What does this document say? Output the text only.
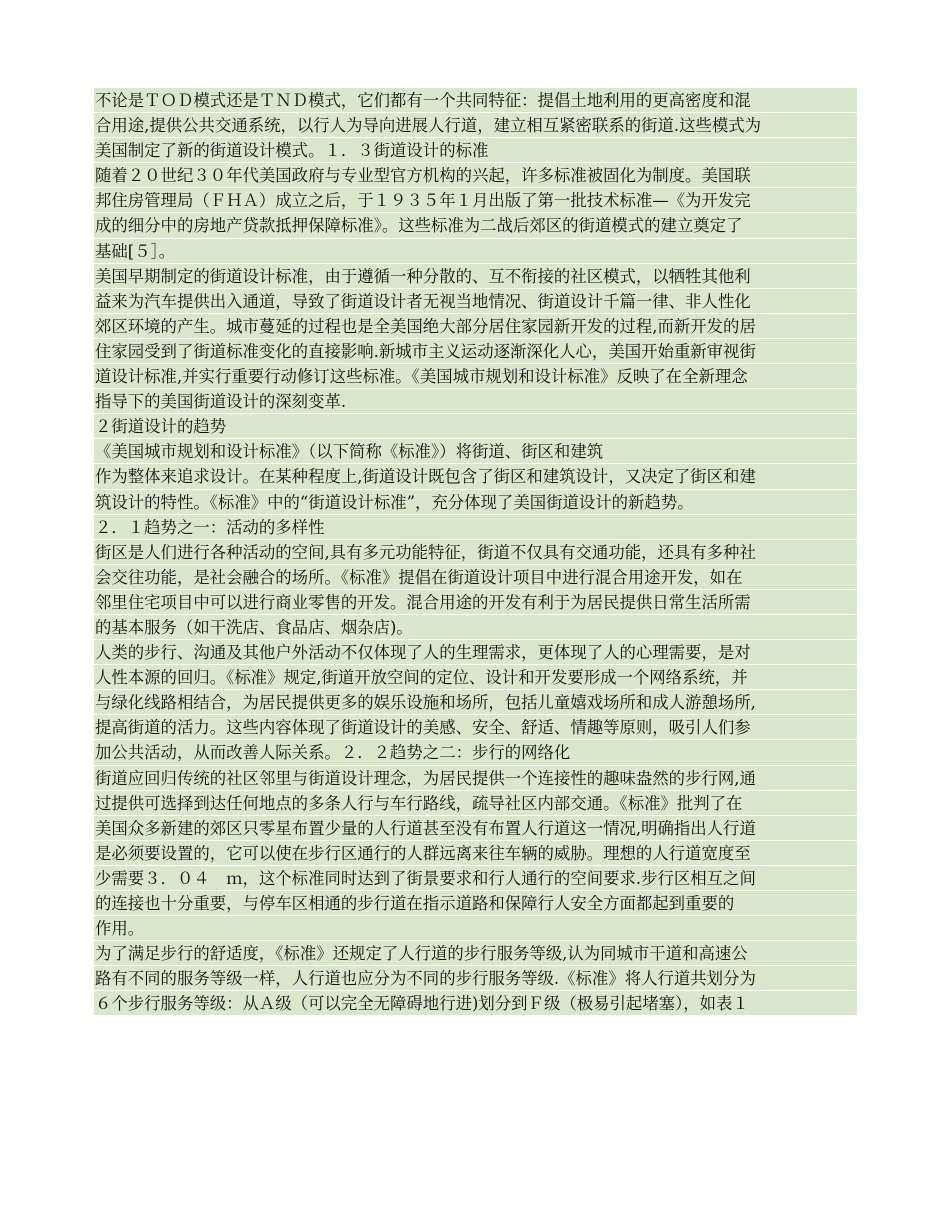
不论是ＴＯＤ模式还是ＴＮＤ模式，它们都有一个共同特征：提倡土地利用的更高密度和混
合用途,提供公共交通系统，以行人为导向进展人行道，建立相互紧密联系的街道.这些模式为
美国制定了新的街道设计模式。１．３街道设计的标准
随着２０世纪３０年代美国政府与专业型官方机构的兴起，许多标准被固化为制度。美国联
邦住房管理局（ＦＨＡ）成立之后，于１９３５年１月出版了第一批技术标准—《为开发完
成的细分中的房地产贷款抵押保障标准》。这些标准为二战后郊区的街道模式的建立奠定了
基础[５］。
美国早期制定的街道设计标准，由于遵循一种分散的、互不衔接的社区模式，以牺牲其他利
益来为汽车提供出入通道，导致了街道设计者无视当地情况、街道设计千篇一律、非人性化
郊区环境的产生。城市蔓延的过程也是全美国绝大部分居住家园新开发的过程,而新开发的居
住家园受到了街道标准变化的直接影响.新城市主义运动逐渐深化人心，美国开始重新审视街
道设计标准,并实行重要行动修订这些标准。《美国城市规划和设计标准》反映了在全新理念
指导下的美国街道设计的深刻变革.
２街道设计的趋势
《美国城市规划和设计标准》（以下简称《标准》）将街道、街区和建筑
作为整体来追求设计。在某种程度上,街道设计既包含了街区和建筑设计，又决定了街区和建
筑设计的特性。《标准》中的“街道设计标准”，充分体现了美国街道设计的新趋势。
２．１趋势之一：活动的多样性
街区是人们进行各种活动的空间,具有多元功能特征，街道不仅具有交通功能，还具有多种社
会交往功能，是社会融合的场所。《标准》提倡在街道设计项目中进行混合用途开发，如在
邻里住宅项目中可以进行商业零售的开发。混合用途的开发有利于为居民提供日常生活所需
的基本服务（如干洗店、食品店、烟杂店)。
人类的步行、沟通及其他户外活动不仅体现了人的生理需求，更体现了人的心理需要，是对
人性本源的回归。《标准》规定,街道开放空间的定位、设计和开发要形成一个网络系统，并
与绿化线路相结合，为居民提供更多的娱乐设施和场所，包括儿童嬉戏场所和成人游憩场所,
提高街道的活力。这些内容体现了街道设计的美感、安全、舒适、情趣等原则，吸引人们参
加公共活动，从而改善人际关系。２．２趋势之二：步行的网络化
街道应回归传统的社区邻里与街道设计理念，为居民提供一个连接性的趣味盎然的步行网,通
过提供可选择到达任何地点的多条人行与车行路线，疏导社区内部交通。《标准》批判了在
美国众多新建的郊区只零星布置少量的人行道甚至没有布置人行道这一情况,明确指出人行道
是必须要设置的，它可以使在步行区通行的人群远离来往车辆的威胁。理想的人行道宽度至
少需要３．０４　ｍ，这个标准同时达到了街景要求和行人通行的空间要求.步行区相互之间
的连接也十分重要，与停车区相通的步行道在指示道路和保障行人安全方面都起到重要的
作用。
为了满足步行的舒适度，《标准》还规定了人行道的步行服务等级,认为同城市干道和高速公
路有不同的服务等级一样，人行道也应分为不同的步行服务等级.《标准》将人行道共划分为
６个步行服务等级：从Ａ级（可以完全无障碍地行进)划分到Ｆ级（极易引起堵塞），如表１
